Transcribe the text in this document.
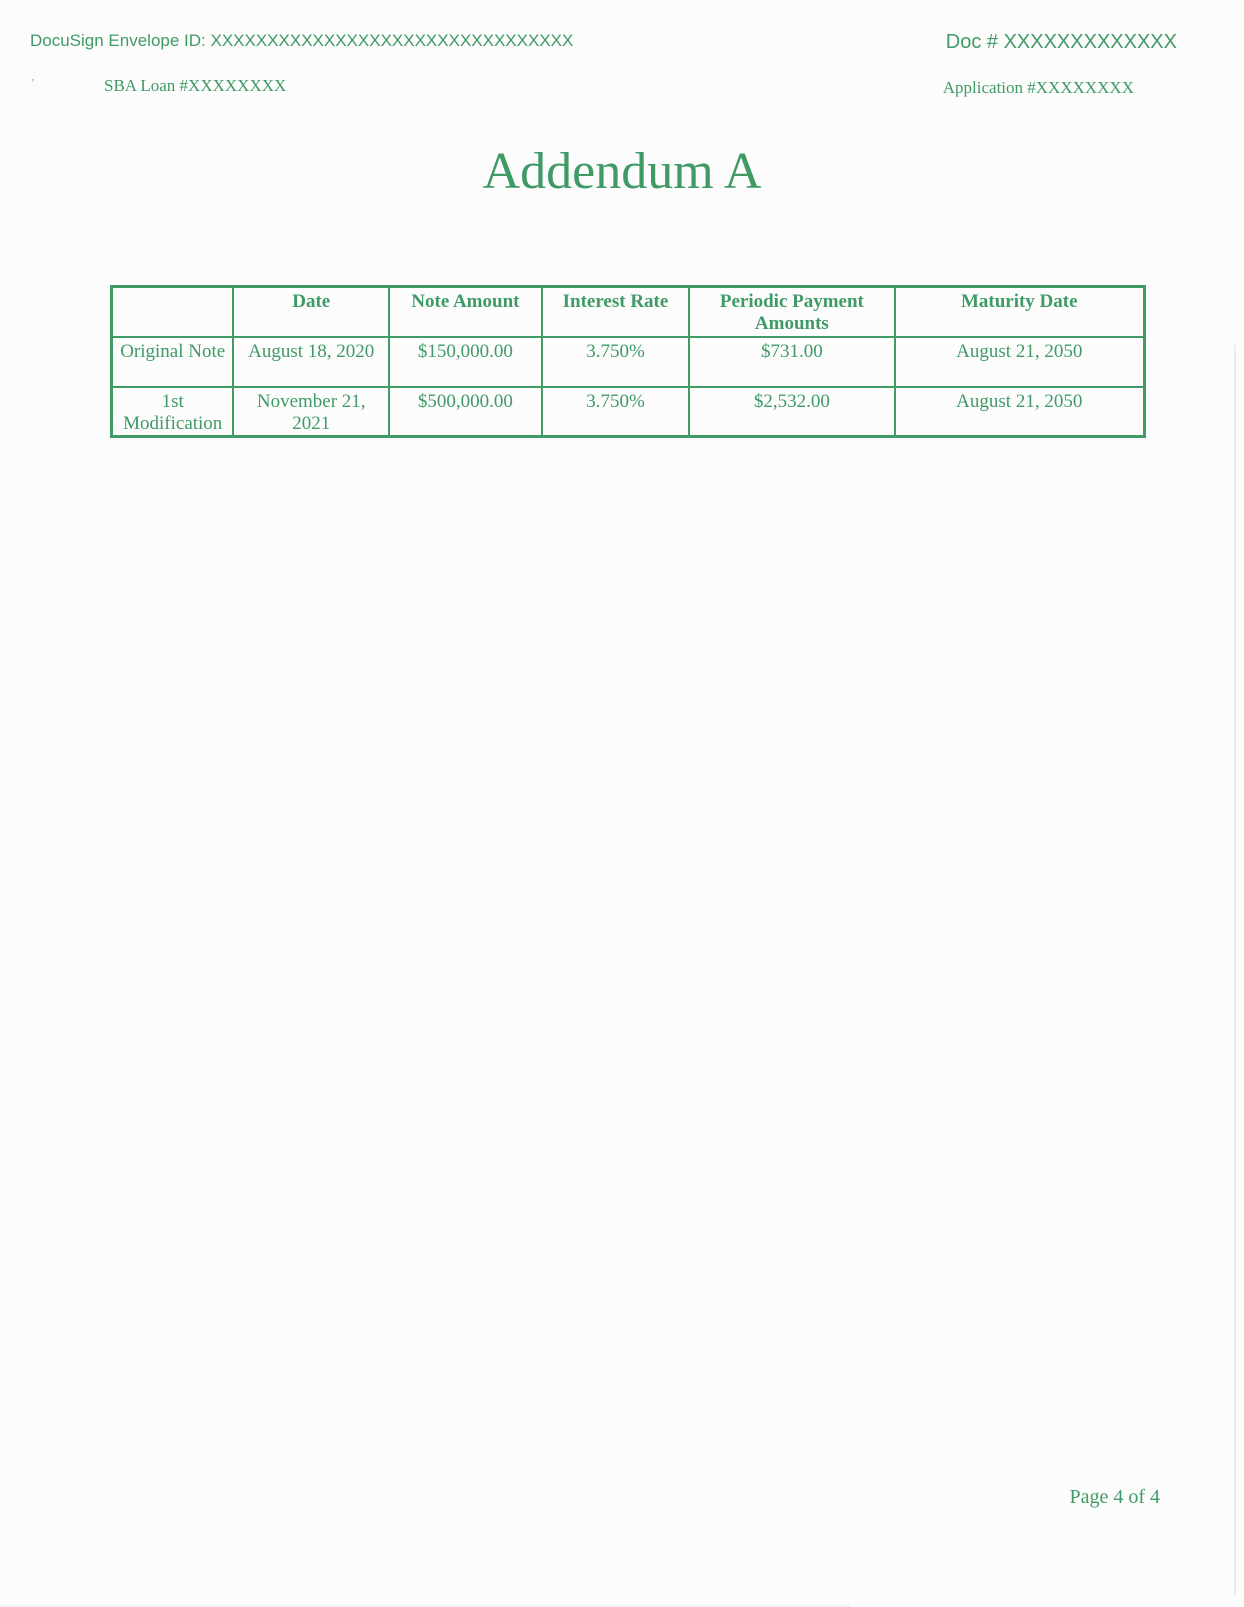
DocuSign Envelope ID: XXXXXXXXXXXXXXXXXXXXXXXXXXXXXXXX	Doc # XXXXXXXXXXXXX
'	SBA Loan #XXXXXXXX	Application #XXXXXXXX
Addendum A
	Date	Note Amount	Interest Rate	Periodic Payment Amounts	Maturity Date
Original Note	August 18, 2020	$150,000.00	3.750%	$731.00	August 21, 2050
1st Modification	November 21, 2021	$500,000.00	3.750%	$2,532.00	August 21, 2050
Page 4 of 4
